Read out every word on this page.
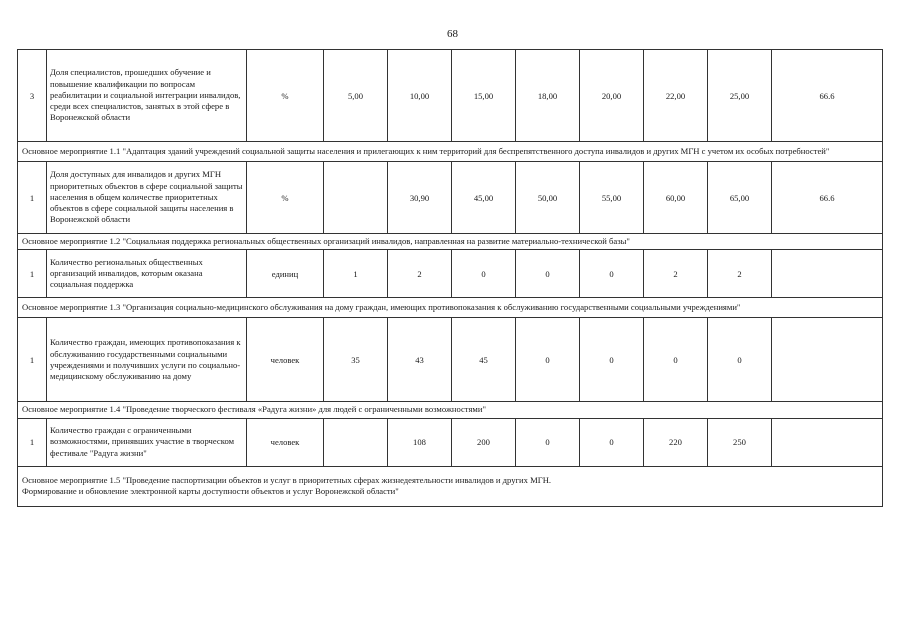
68
3	Доля специалистов, прошедших обучение и повышение квалификации по вопросам реабилитации и социальной интеграции инвалидов, среди всех специалистов, занятых в этой сфере в Воронежской области	%	5,00	10,00	15,00	18,00	20,00	22,00	25,00	66.6
Основное мероприятие 1.1 "Адаптация зданий учреждений социальной защиты населения и прилегающих к ним территорий для беспрепятственного доступа инвалидов и других МГН с учетом их особых потребностей"										
1	Доля доступных для инвалидов и других МГН приоритетных объектов в сфере социальной защиты населения в общем количестве приоритетных объектов в сфере социальной защиты населения в Воронежской области	%		30,90	45,00	50,00	55,00	60,00	65,00	66.6
Основное мероприятие 1.2 "Социальная поддержка региональных общественных организаций инвалидов, направленная на развитие материально-технической базы"										
1	Количество региональных общественных организаций инвалидов, которым оказана социальная поддержка	единиц	1	2	0	0	0	2	2	
Основное мероприятие 1.3 "Организация социально-медицинского обслуживания на дому граждан, имеющих противопоказания к обслуживанию государственными социальными учреждениями"										
1	Количество граждан, имеющих противопоказания к обслуживанию государственными социальными учреждениями и получивших услуги по социально-медицинскому обслуживанию на дому	человек	35	43	45	0	0	0	0	
Основное мероприятие 1.4 "Проведение творческого фестиваля «Радуга жизни» для людей с ограниченными возможностями"										
1	Количество граждан с ограниченными возможностями, принявших участие в творческом фестивале "Радуга жизни"	человек		108	200	0	0	220	250	

Основное мероприятие 1.5 "Проведение паспортизации объектов и услуг в приоритетных сферах жизнедеятельности инвалидов и других МГН.
Формирование и обновление электронной карты доступности объектов и услуг Воронежской области"										
